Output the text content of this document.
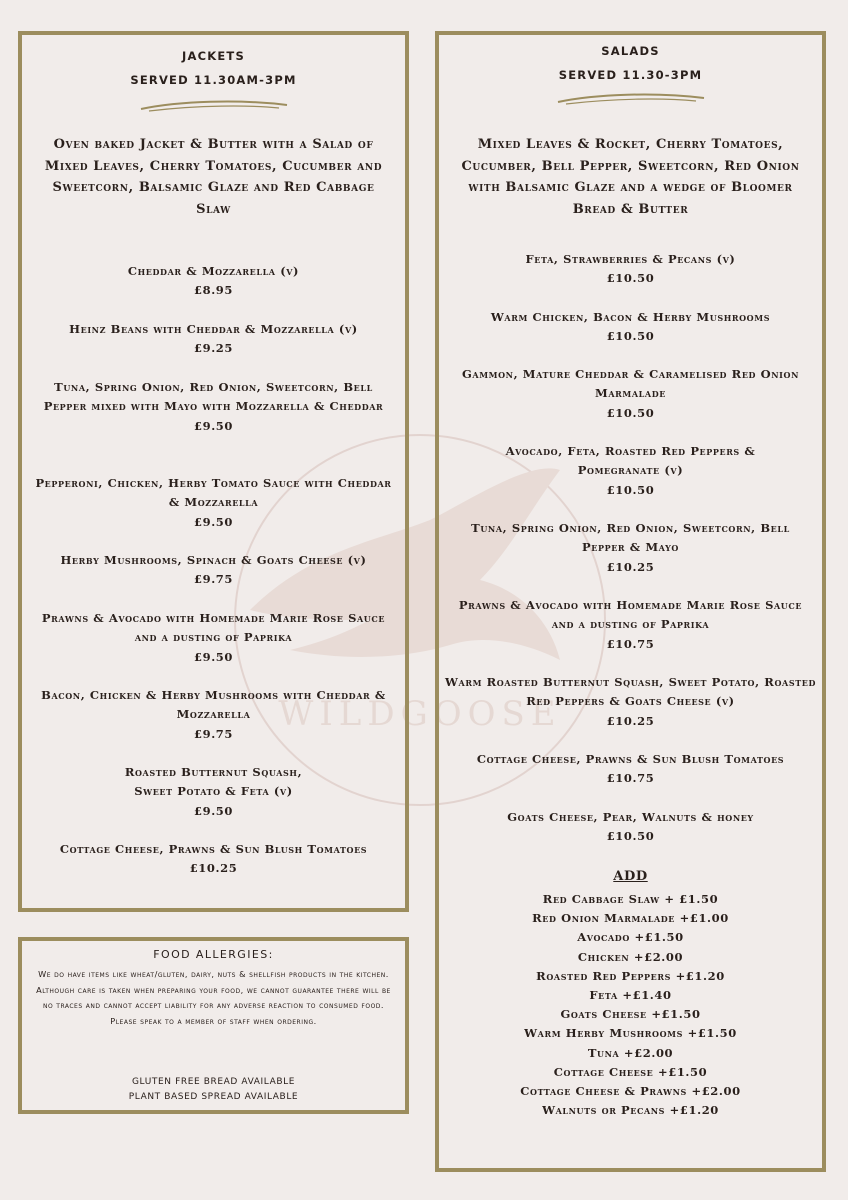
WILDGOOSE
JACKETS
SERVED 11.30AM-3PM
Oven baked Jacket & Butter with a Salad of Mixed Leaves, Cherry Tomatoes, Cucumber and Sweetcorn, Balsamic Glaze and Red Cabbage Slaw
Cheddar & Mozzarella (v)
£8.95
Heinz Beans with Cheddar & Mozzarella (v)
£9.25
Tuna, Spring Onion, Red Onion, Sweetcorn, Bell Pepper mixed with Mayo with Mozzarella & Cheddar
£9.50
Pepperoni, Chicken, Herby Tomato Sauce with Cheddar & Mozzarella
£9.50
Herby Mushrooms, Spinach & Goats Cheese (v)
£9.75
Prawns & Avocado with Homemade Marie Rose Sauce and a dusting of Paprika
£9.50
Bacon, Chicken & Herby Mushrooms with Cheddar & Mozzarella
£9.75
Roasted Butternut Squash, Sweet Potato & Feta (v)
£9.50
Cottage Cheese, Prawns & Sun Blush Tomatoes
£10.25
SALADS
SERVED 11.30-3PM
Mixed Leaves & Rocket, Cherry Tomatoes, Cucumber, Bell Pepper, Sweetcorn, Red Onion with Balsamic Glaze and a wedge of Bloomer Bread & Butter
Feta, Strawberries & Pecans (v)
£10.50
Warm Chicken, Bacon & Herby Mushrooms
£10.50
Gammon, Mature Cheddar & Caramelised Red Onion Marmalade
£10.50
Avocado, Feta, Roasted Red Peppers & Pomegranate (v)
£10.50
Tuna, Spring Onion, Red Onion, Sweetcorn, Bell Pepper & Mayo
£10.25
Prawns & Avocado with Homemade Marie Rose Sauce and a dusting of Paprika
£10.75
Warm Roasted Butternut Squash, Sweet Potato, Roasted Red Peppers & Goats Cheese (v)
£10.25
Cottage Cheese, Prawns & Sun Blush Tomatoes
£10.75
Goats Cheese, Pear, Walnuts & honey
£10.50
ADD
Red Cabbage Slaw + £1.50
Red Onion Marmalade +£1.00
Avocado +£1.50
Chicken +£2.00
Roasted Red Peppers +£1.20
Feta +£1.40
Goats Cheese +£1.50
Warm Herby Mushrooms +£1.50
Tuna +£2.00
Cottage Cheese +£1.50
Cottage Cheese & Prawns +£2.00
Walnuts or Pecans +£1.20
FOOD ALLERGIES:
We do have items like wheat/gluten, dairy, nuts & shellfish products in the kitchen. Although care is taken when preparing your food, we cannot guarantee there will be no traces and cannot accept liability for any adverse reaction to consumed food. Please speak to a member of staff when ordering.
GLUTEN FREE BREAD AVAILABLE
PLANT BASED SPREAD AVAILABLE
